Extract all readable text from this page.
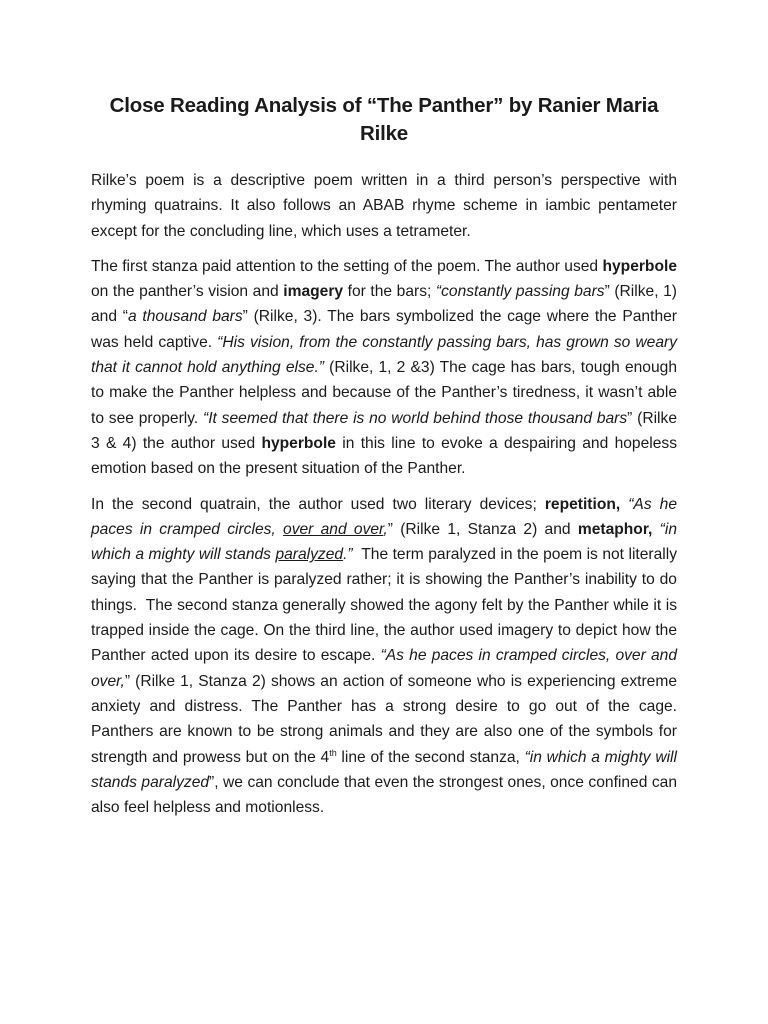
Close Reading Analysis of “The Panther” by Ranier Maria Rilke

Rilke’s poem is a descriptive poem written in a third person’s perspective with rhyming quatrains. It also follows an ABAB rhyme scheme in iambic pentameter except for the concluding line, which uses a tetrameter.

The first stanza paid attention to the setting of the poem. The author used hyperbole on the panther’s vision and imagery for the bars; “constantly passing bars” (Rilke, 1) and “a thousand bars” (Rilke, 3). The bars symbolized the cage where the Panther was held captive. “His vision, from the constantly passing bars, has grown so weary that it cannot hold anything else.” (Rilke, 1, 2 &3) The cage has bars, tough enough to make the Panther helpless and because of the Panther’s tiredness, it wasn’t able to see properly. “It seemed that there is no world behind those thousand bars” (Rilke 3 & 4) the author used hyperbole in this line to evoke a despairing and hopeless emotion based on the present situation of the Panther.

In the second quatrain, the author used two literary devices; repetition, “As he paces in cramped circles, over and over,” (Rilke 1, Stanza 2) and metaphor, “in which a mighty will stands paralyzed.”  The term paralyzed in the poem is not literally saying that the Panther is paralyzed rather; it is showing the Panther’s inability to do things.  The second stanza generally showed the agony felt by the Panther while it is trapped inside the cage. On the third line, the author used imagery to depict how the Panther acted upon its desire to escape. “As he paces in cramped circles, over and over,” (Rilke 1, Stanza 2) shows an action of someone who is experiencing extreme anxiety and distress. The Panther has a strong desire to go out of the cage. Panthers are known to be strong animals and they are also one of the symbols for strength and prowess but on the 4th line of the second stanza, “in which a mighty will stands paralyzed”, we can conclude that even the strongest ones, once confined can also feel helpless and motionless.
